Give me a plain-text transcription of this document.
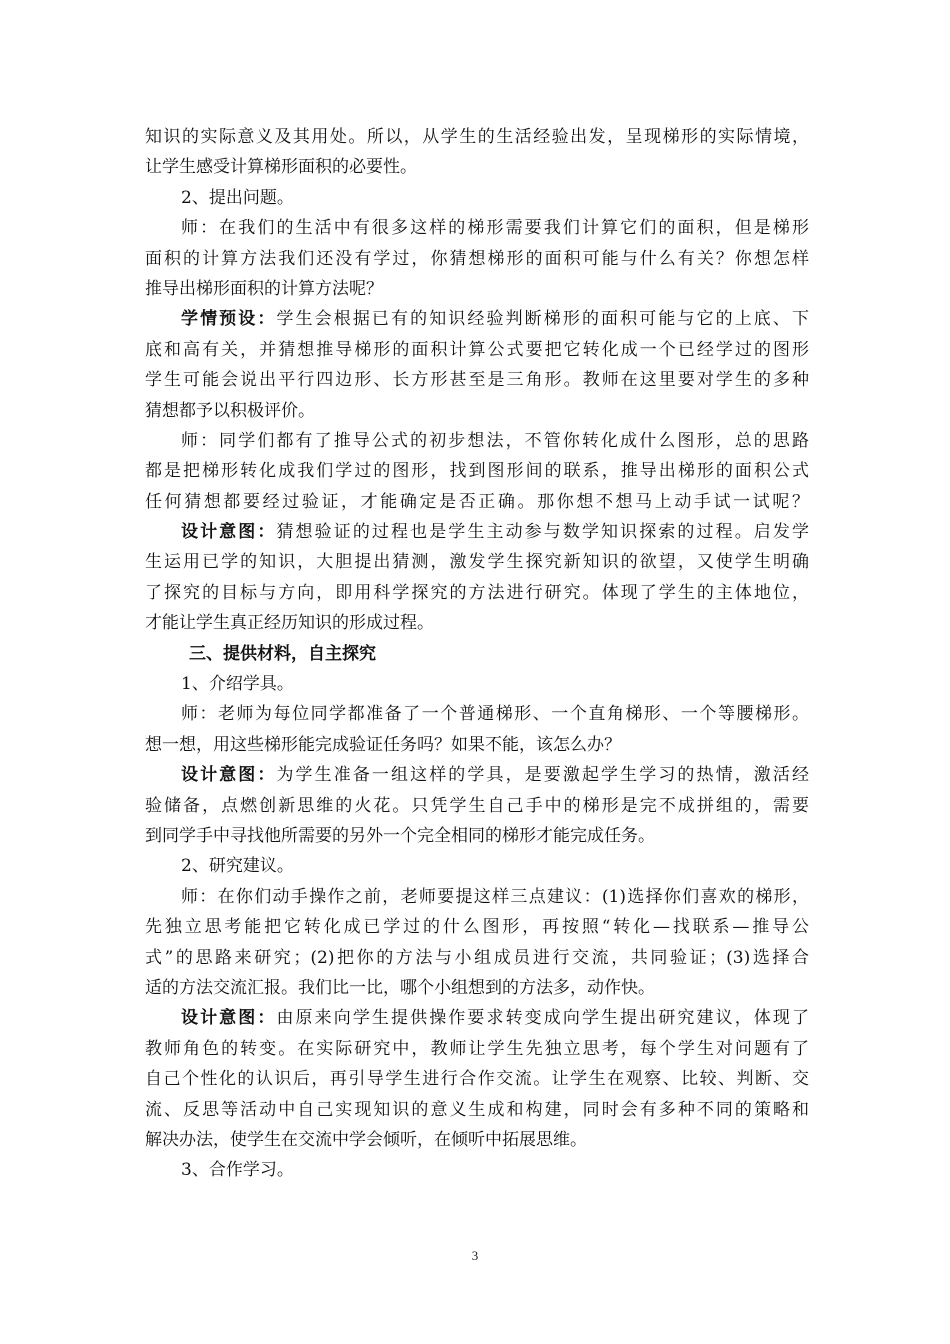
知识的实际意义及其用处。所以，从学生的生活经验出发，呈现梯形的实际情境，
让学生感受计算梯形面积的必要性。
2、提出问题。
师：在我们的生活中有很多这样的梯形需要我们计算它们的面积，但是梯形
面积的计算方法我们还没有学过，你猜想梯形的面积可能与什么有关？你想怎样
推导出梯形面积的计算方法呢？
学情预设：学生会根据已有的知识经验判断梯形的面积可能与它的上底、下
底和高有关，并猜想推导梯形的面积计算公式要把它转化成一个已经学过的图形
学生可能会说出平行四边形、长方形甚至是三角形。教师在这里要对学生的多种
猜想都予以积极评价。
师：同学们都有了推导公式的初步想法，不管你转化成什么图形，总的思路
都是把梯形转化成我们学过的图形，找到图形间的联系，推导出梯形的面积公式
任何猜想都要经过验证，才能确定是否正确。那你想不想马上动手试一试呢？
设计意图：猜想验证的过程也是学生主动参与数学知识探索的过程。启发学
生运用已学的知识，大胆提出猜测，激发学生探究新知识的欲望，又使学生明确
了探究的目标与方向，即用科学探究的方法进行研究。体现了学生的主体地位，
才能让学生真正经历知识的形成过程。
三、提供材料，自主探究
1、介绍学具。
师：老师为每位同学都准备了一个普通梯形、一个直角梯形、一个等腰梯形。
想一想，用这些梯形能完成验证任务吗？如果不能，该怎么办？
设计意图：为学生准备一组这样的学具，是要激起学生学习的热情，激活经
验储备，点燃创新思维的火花。只凭学生自己手中的梯形是完不成拼组的，需要
到同学手中寻找他所需要的另外一个完全相同的梯形才能完成任务。
2、研究建议。
师：在你们动手操作之前，老师要提这样三点建议：(1)选择你们喜欢的梯形，
先独立思考能把它转化成已学过的什么图形，再按照“转化—找联系—推导公
式”的思路来研究；(2)把你的方法与小组成员进行交流，共同验证；(3)选择合
适的方法交流汇报。我们比一比，哪个小组想到的方法多，动作快。
设计意图：由原来向学生提供操作要求转变成向学生提出研究建议，体现了
教师角色的转变。在实际研究中，教师让学生先独立思考，每个学生对问题有了
自己个性化的认识后，再引导学生进行合作交流。让学生在观察、比较、判断、交
流、反思等活动中自己实现知识的意义生成和构建，同时会有多种不同的策略和
解决办法，使学生在交流中学会倾听，在倾听中拓展思维。
3、合作学习。
3
